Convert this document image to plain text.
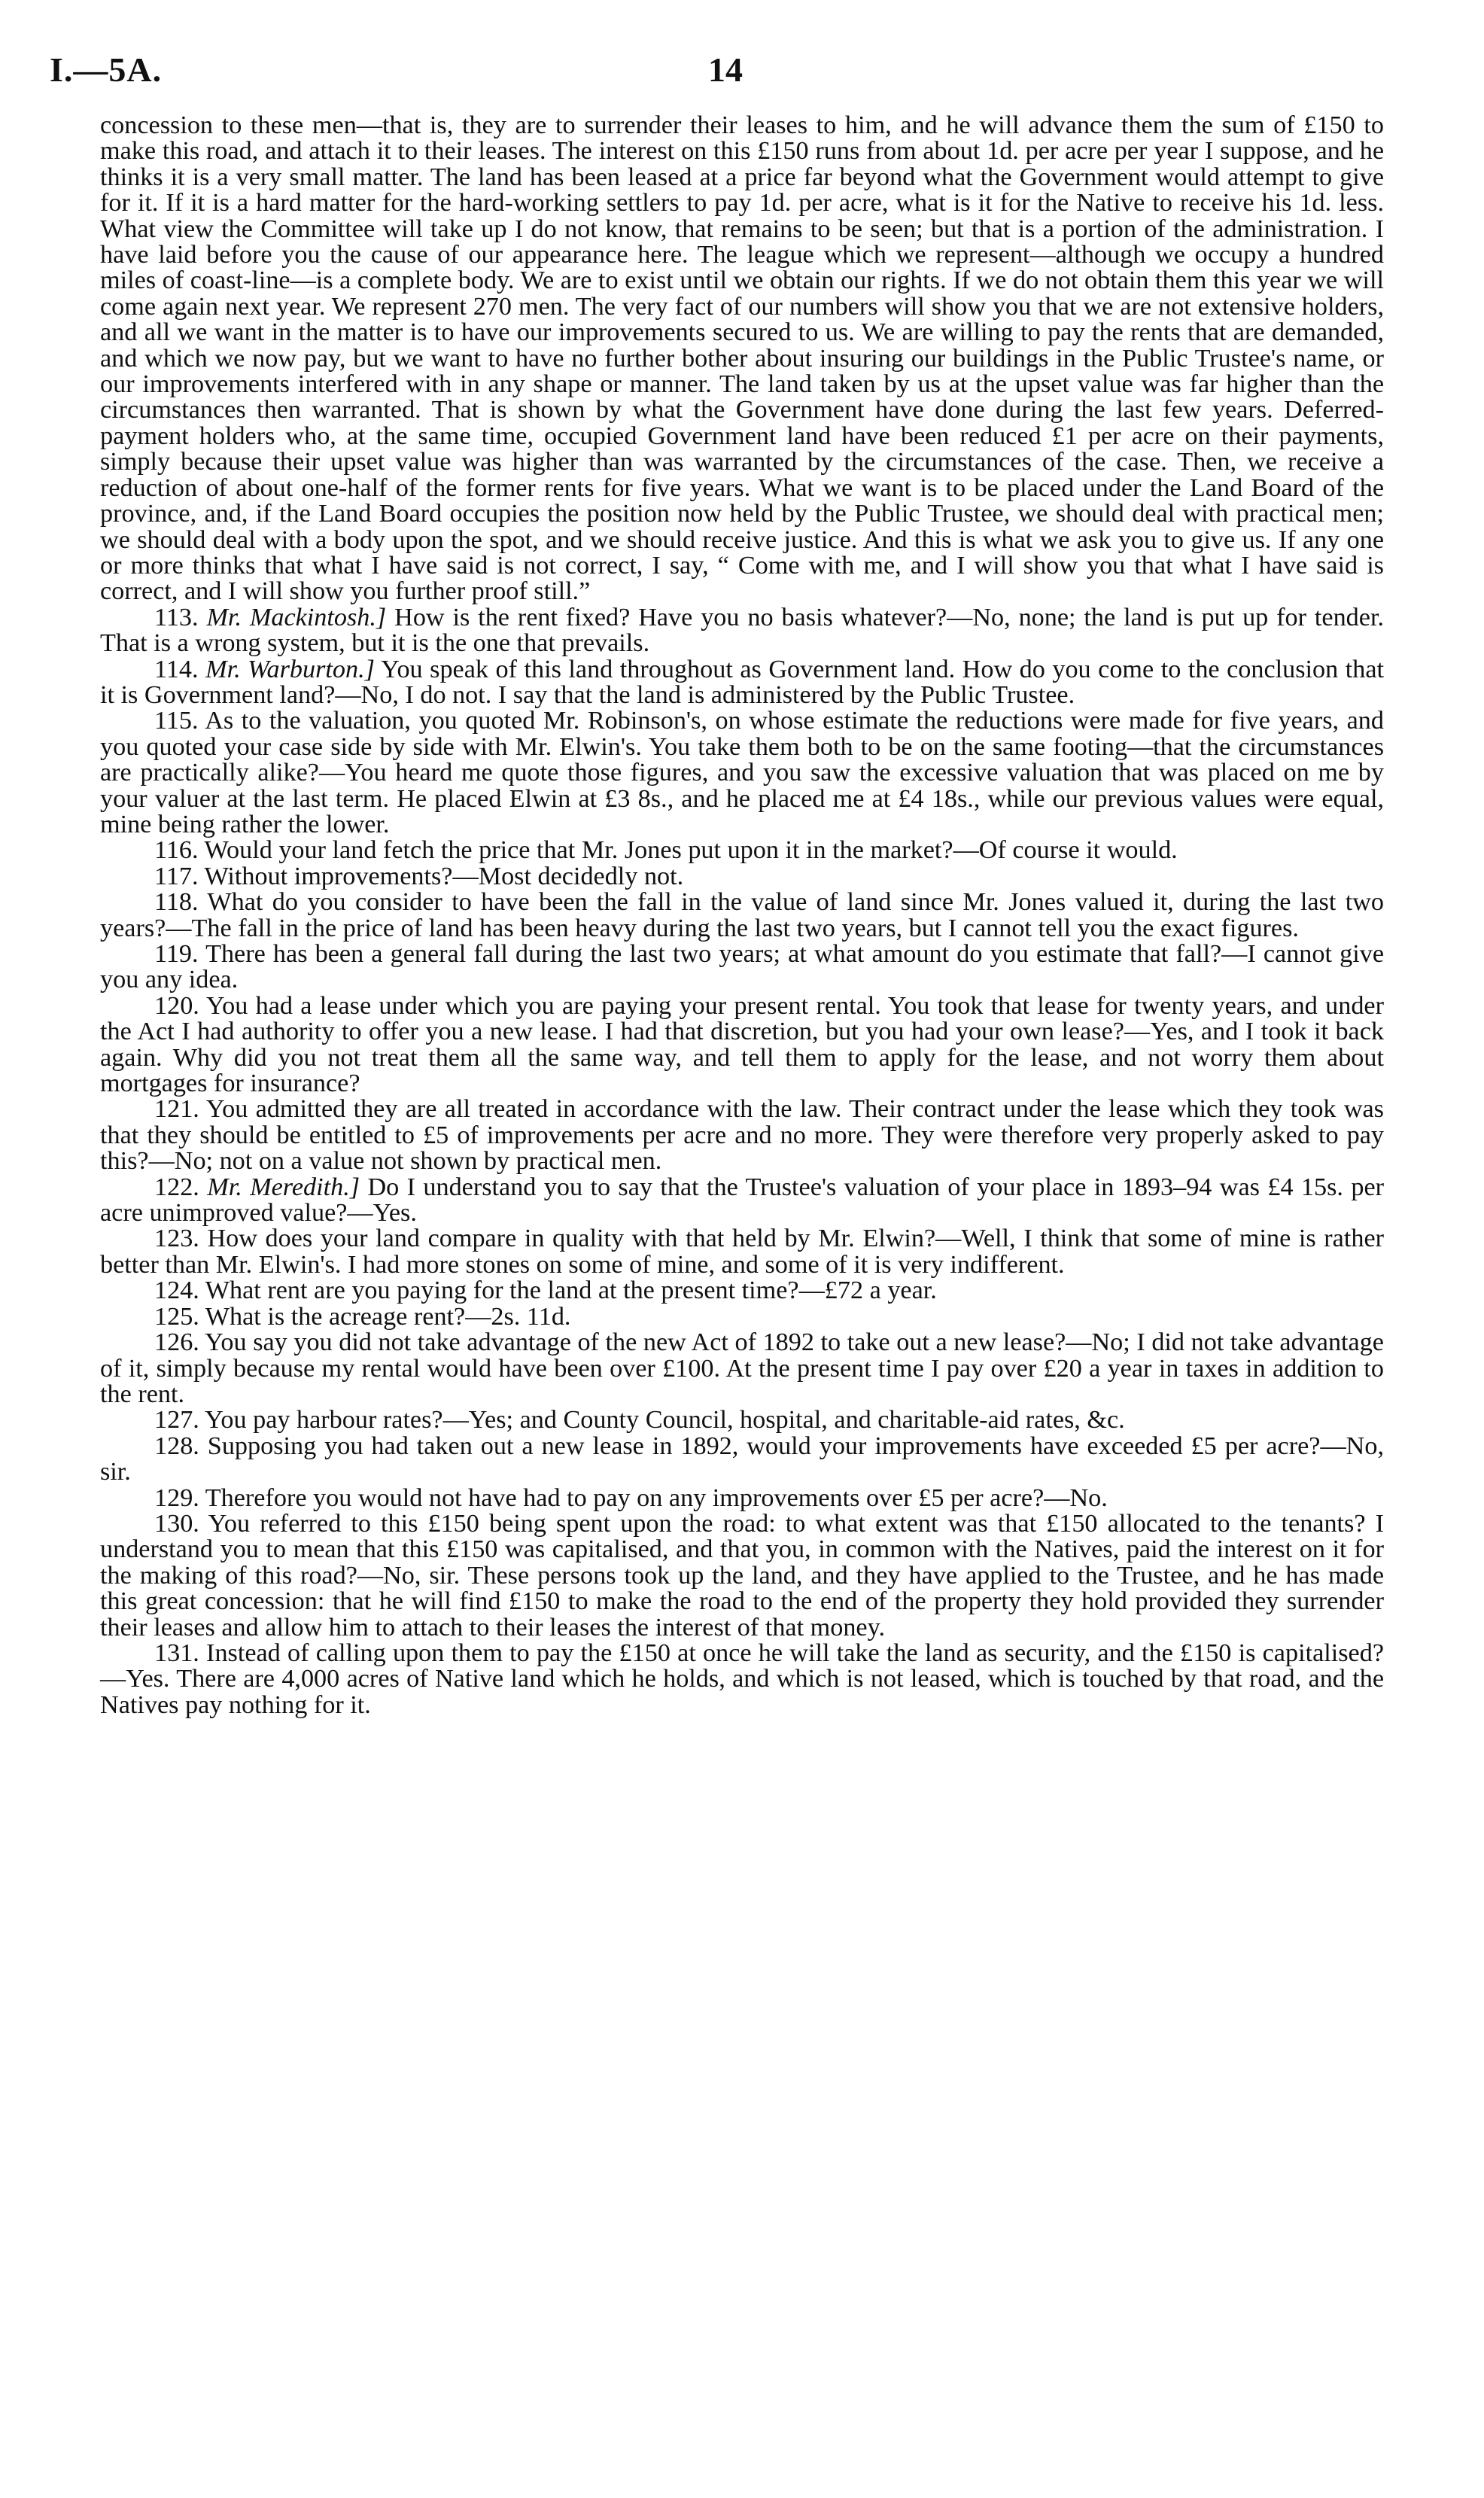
I.—5A.	14

concession to these men—that is, they are to surrender their leases to him, and he will advance them the sum of £150 to make this road, and attach it to their leases. The interest on this £150 runs from about 1d. per acre per year I suppose, and he thinks it is a very small matter. The land has been leased at a price far beyond what the Government would attempt to give for it. If it is a hard matter for the hard-working settlers to pay 1d. per acre, what is it for the Native to receive his 1d. less. What view the Committee will take up I do not know, that remains to be seen; but that is a portion of the administration. I have laid before you the cause of our appearance here. The league which we represent—although we occupy a hundred miles of coast-line—is a complete body. We are to exist until we obtain our rights. If we do not obtain them this year we will come again next year. We represent 270 men. The very fact of our numbers will show you that we are not extensive holders, and all we want in the matter is to have our improvements secured to us. We are willing to pay the rents that are demanded, and which we now pay, but we want to have no further bother about insuring our buildings in the Public Trustee's name, or our improvements interfered with in any shape or manner. The land taken by us at the upset value was far higher than the circumstances then warranted. That is shown by what the Government have done during the last few years. Deferred-payment holders who, at the same time, occupied Government land have been reduced £1 per acre on their payments, simply because their upset value was higher than was warranted by the circumstances of the case. Then, we receive a reduction of about one-half of the former rents for five years. What we want is to be placed under the Land Board of the province, and, if the Land Board occupies the position now held by the Public Trustee, we should deal with practical men; we should deal with a body upon the spot, and we should receive justice. And this is what we ask you to give us. If any one or more thinks that what I have said is not correct, I say, “ Come with me, and I will show you that what I have said is correct, and I will show you further proof still.”

113. Mr. Mackintosh.] How is the rent fixed? Have you no basis whatever?—No, none; the land is put up for tender. That is a wrong system, but it is the one that prevails.

114. Mr. Warburton.] You speak of this land throughout as Government land. How do you come to the conclusion that it is Government land?—No, I do not. I say that the land is administered by the Public Trustee.

115. As to the valuation, you quoted Mr. Robinson's, on whose estimate the reductions were made for five years, and you quoted your case side by side with Mr. Elwin's. You take them both to be on the same footing—that the circumstances are practically alike?—You heard me quote those figures, and you saw the excessive valuation that was placed on me by your valuer at the last term. He placed Elwin at £3 8s., and he placed me at £4 18s., while our previous values were equal, mine being rather the lower.

116. Would your land fetch the price that Mr. Jones put upon it in the market?—Of course it would.

117. Without improvements?—Most decidedly not.

118. What do you consider to have been the fall in the value of land since Mr. Jones valued it, during the last two years?—The fall in the price of land has been heavy during the last two years, but I cannot tell you the exact figures.

119. There has been a general fall during the last two years; at what amount do you estimate that fall?—I cannot give you any idea.

120. You had a lease under which you are paying your present rental. You took that lease for twenty years, and under the Act I had authority to offer you a new lease. I had that discretion, but you had your own lease?—Yes, and I took it back again. Why did you not treat them all the same way, and tell them to apply for the lease, and not worry them about mortgages for insurance?

121. You admitted they are all treated in accordance with the law. Their contract under the lease which they took was that they should be entitled to £5 of improvements per acre and no more. They were therefore very properly asked to pay this?—No; not on a value not shown by practical men.

122. Mr. Meredith.] Do I understand you to say that the Trustee's valuation of your place in 1893–94 was £4 15s. per acre unimproved value?—Yes.

123. How does your land compare in quality with that held by Mr. Elwin?—Well, I think that some of mine is rather better than Mr. Elwin's. I had more stones on some of mine, and some of it is very indifferent.

124. What rent are you paying for the land at the present time?—£72 a year.

125. What is the acreage rent?—2s. 11d.

126. You say you did not take advantage of the new Act of 1892 to take out a new lease?—No; I did not take advantage of it, simply because my rental would have been over £100. At the present time I pay over £20 a year in taxes in addition to the rent.

127. You pay harbour rates?—Yes; and County Council, hospital, and charitable-aid rates, &c.

128. Supposing you had taken out a new lease in 1892, would your improvements have exceeded £5 per acre?—No, sir.

129. Therefore you would not have had to pay on any improvements over £5 per acre?—No.

130. You referred to this £150 being spent upon the road: to what extent was that £150 allocated to the tenants? I understand you to mean that this £150 was capitalised, and that you, in common with the Natives, paid the interest on it for the making of this road?—No, sir. These persons took up the land, and they have applied to the Trustee, and he has made this great concession: that he will find £150 to make the road to the end of the property they hold provided they surrender their leases and allow him to attach to their leases the interest of that money.

131. Instead of calling upon them to pay the £150 at once he will take the land as security, and the £150 is capitalised?—Yes. There are 4,000 acres of Native land which he holds, and which is not leased, which is touched by that road, and the Natives pay nothing for it.
